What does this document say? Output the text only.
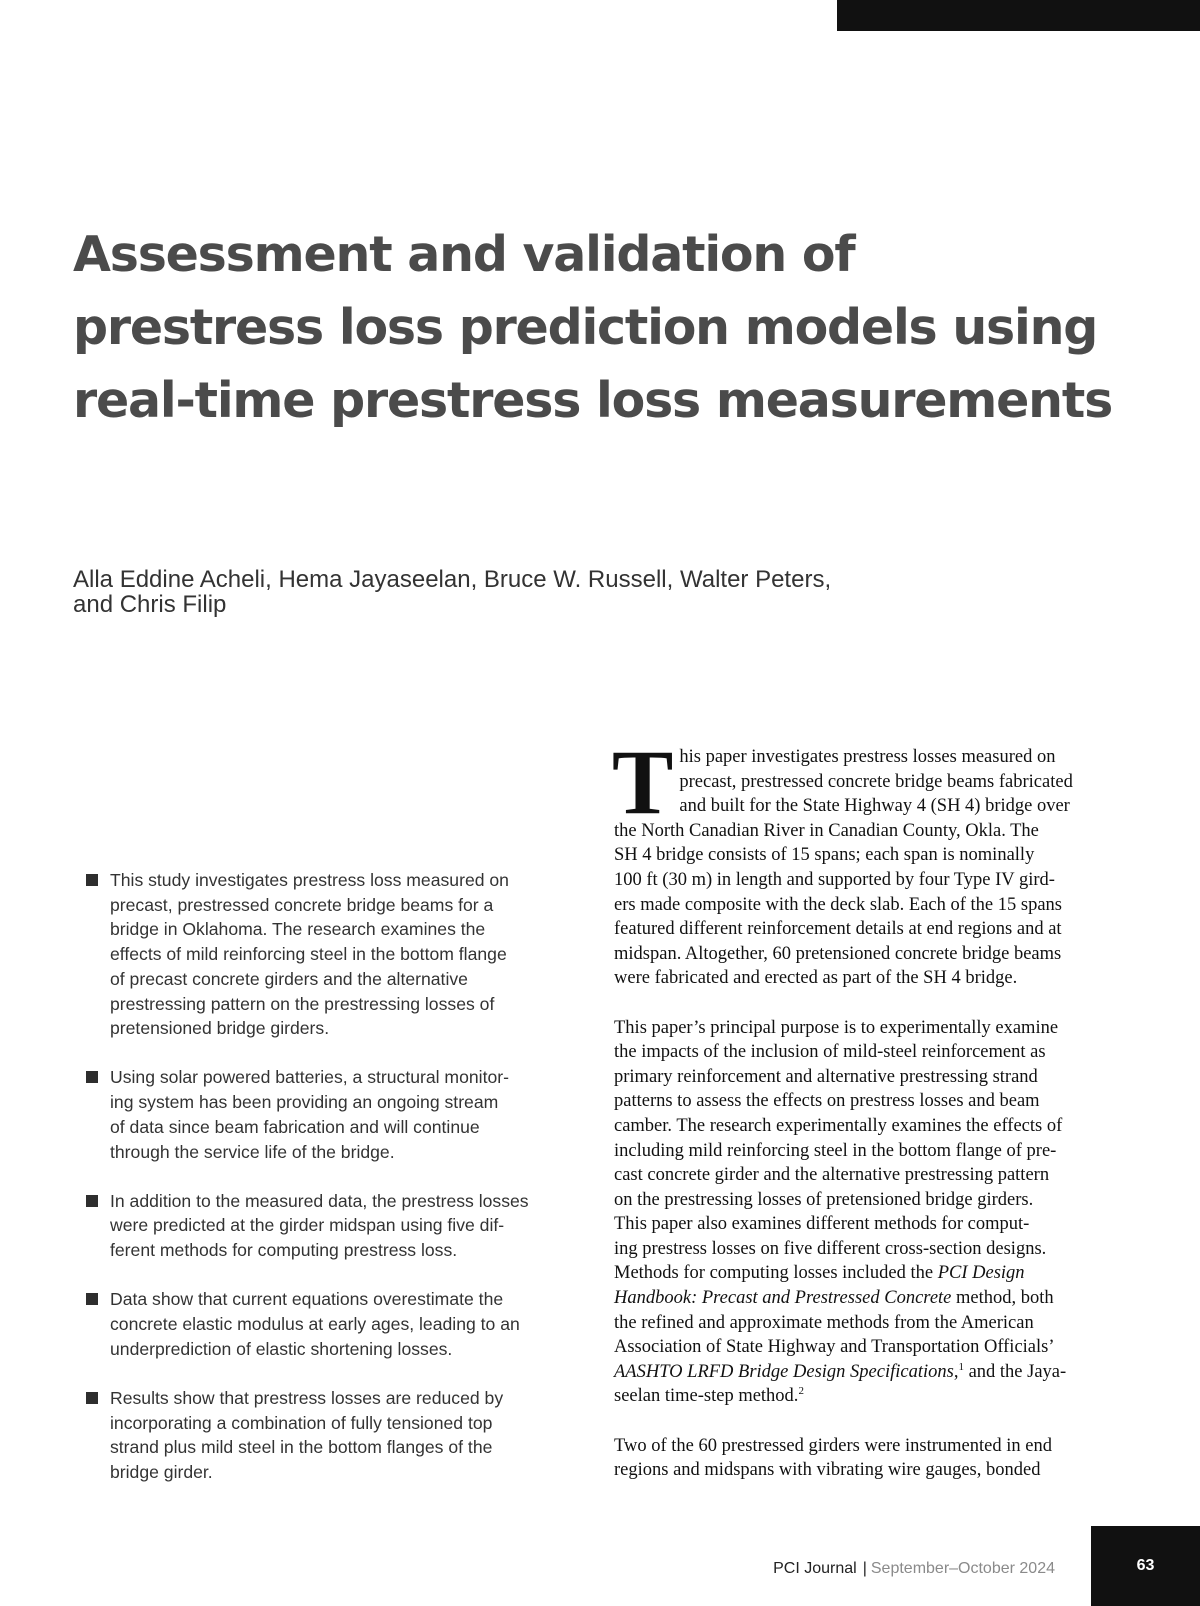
Assessment and validation of
prestress loss prediction models using
real-time prestress loss measurements
Alla Eddine Acheli, Hema Jayaseelan, Bruce W. Russell, Walter Peters,
and Chris Filip
This study investigates prestress loss measured on
precast, prestressed concrete bridge beams for a
bridge in Oklahoma. The research examines the
effects of mild reinforcing steel in the bottom flange
of precast concrete girders and the alternative
prestressing pattern on the prestressing losses of
pretensioned bridge girders.
Using solar powered batteries, a structural monitor-
ing system has been providing an ongoing stream
of data since beam fabrication and will continue
through the service life of the bridge.
In addition to the measured data, the prestress losses
were predicted at the girder midspan using five dif-
ferent methods for computing prestress loss.
Data show that current equations overestimate the
concrete elastic modulus at early ages, leading to an
underprediction of elastic shortening losses.
Results show that prestress losses are reduced by
incorporating a combination of fully tensioned top
strand plus mild steel in the bottom flanges of the
bridge girder.

T his paper investigates prestress losses measured on
precast, prestressed concrete bridge beams fabricated
and built for the State Highway 4 (SH 4) bridge over
the North Canadian River in Canadian County, Okla. The
SH 4 bridge consists of 15 spans; each span is nominally
100 ft (30 m) in length and supported by four Type IV gird-
ers made composite with the deck slab. Each of the 15 spans
featured different reinforcement details at end regions and at
midspan. Altogether, 60 pretensioned concrete bridge beams
were fabricated and erected as part of the SH 4 bridge.

This paper’s principal purpose is to experimentally examine
the impacts of the inclusion of mild-steel reinforcement as
primary reinforcement and alternative prestressing strand
patterns to assess the effects on prestress losses and beam
camber. The research experimentally examines the effects of
including mild reinforcing steel in the bottom flange of pre-
cast concrete girder and the alternative prestressing pattern
on the prestressing losses of pretensioned bridge girders.
This paper also examines different methods for comput-
ing prestress losses on five different cross-section designs.
Methods for computing losses included the PCI Design
Handbook: Precast and Prestressed Concrete method, both
the refined and approximate methods from the American
Association of State Highway and Transportation Officials’
AASHTO LRFD Bridge Design Specifications,$^1$ and the Jaya-
seelan time-step method.$^2$

Two of the 60 prestressed girders were instrumented in end
regions and midspans with vibrating wire gauges, bonded

PCI Journal | September–October 2024	63
